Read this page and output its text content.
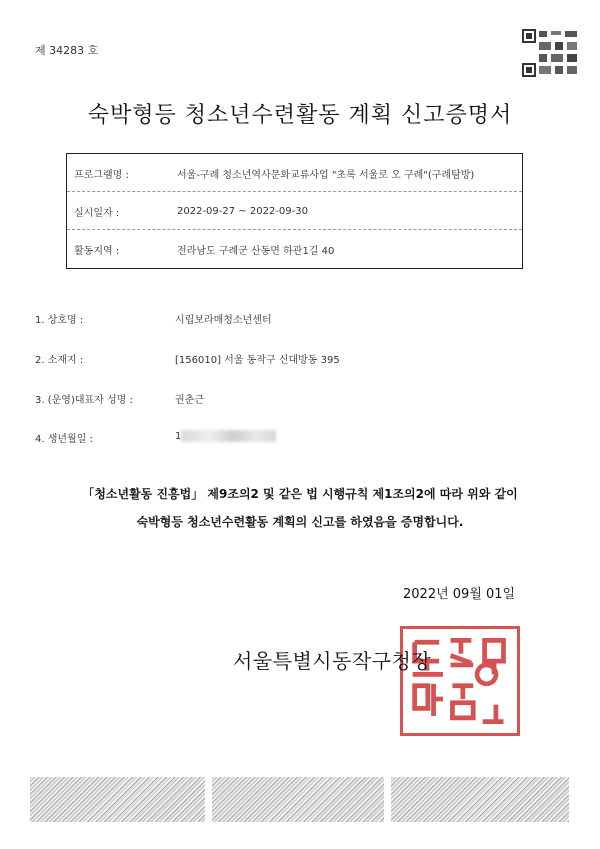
제 34283 호
숙박형등 청소년수련활동 계획 신고증명서
프로그램명 :	서울-구례 청소년역사문화교류사업 "초록 서울로 오 구례"(구례탐방)
실시일자 :	2022-09-27 ~ 2022-09-30
활동지역 :	전라남도 구례군 산동면 하관1길 40
1. 상호명 :	시립보라매청소년센터
2. 소재지 :	[156010] 서울 동작구 신대방동 395
3. (운영)대표자 성명 :	권춘근
4. 생년월일 :	1
「청소년활동 진흥법」 제9조의2 및 같은 법 시행규칙 제1조의2에 따라 위와 같이
숙박형등 청소년수련활동 계획의 신고를 하였음을 증명합니다.
2022년 09월 01일
서울특별시동작구청장
